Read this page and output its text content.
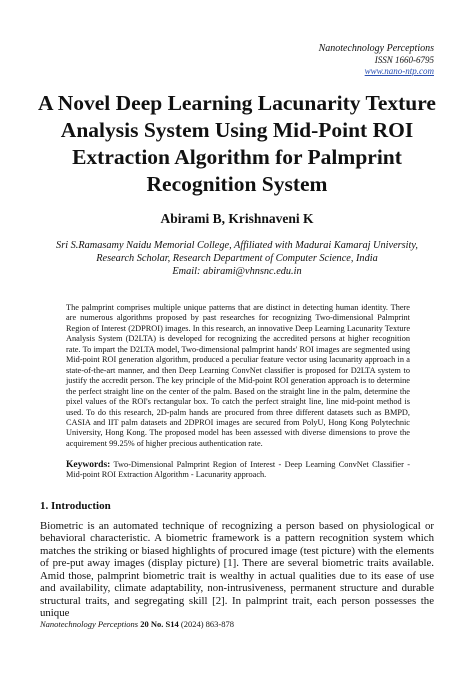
Nanotechnology Perceptions
ISSN 1660-6795
www.nano-ntp.com
A Novel Deep Learning Lacunarity Texture Analysis System Using Mid-Point ROI Extraction Algorithm for Palmprint Recognition System
Abirami B, Krishnaveni K
Sri S.Ramasamy Naidu Memorial College, Affiliated with Madurai Kamaraj University,
Research Scholar, Research Department of Computer Science, India
Email: abirami@vhnsnc.edu.in

The palmprint comprises multiple unique patterns that are distinct in detecting human identity. There are numerous algorithms proposed by past researches for recognizing Two-dimensional Palmprint Region of Interest (2DPROI) images. In this research, an innovative Deep Learning Lacunarity Texture Analysis System (D2LTA) is developed for recognizing the accredited persons at higher recognition rate. To impart the D2LTA model, Two-dimensional palmprint hands' ROI images are segmented using Mid-point ROI generation algorithm, produced a peculiar feature vector using lacunarity approach in a state-of-the-art manner, and then Deep Learning ConvNet classifier is proposed for D2LTA system to justify the accredit person. The key principle of the Mid-point ROI generation approach is to determine the perfect straight line on the center of the palm. Based on the straight line in the palm, determine the pixel values of the ROI's rectangular box. To catch the perfect straight line, line mid-point method is used. To do this research, 2D-palm hands are procured from three different datasets such as BMPD, CASIA and IIT palm datasets and 2DPROI images are secured from PolyU, Hong Kong Polytechnic University, Hong Kong. The proposed model has been assessed with diverse dimensions to prove the acquirement 99.25% of higher precious authentication rate.

Keywords: Two-Dimensional Palmprint Region of Interest - Deep Learning ConvNet Classifier - Mid-point ROI Extraction Algorithm - Lacunarity approach.

1. Introduction

Biometric is an automated technique of recognizing a person based on physiological or behavioral characteristic. A biometric framework is a pattern recognition system which matches the striking or biased highlights of procured image (test picture) with the elements of pre-put away images (display picture) [1]. There are several biometric traits available. Amid those, palmprint biometric trait is wealthy in actual qualities due to its ease of use and availability, climate adaptability, non-intrusiveness, permanent structure and durable structural traits, and segregating skill [2]. In palmprint trait, each person possesses the unique

Nanotechnology Perceptions 20 No. S14 (2024) 863-878
